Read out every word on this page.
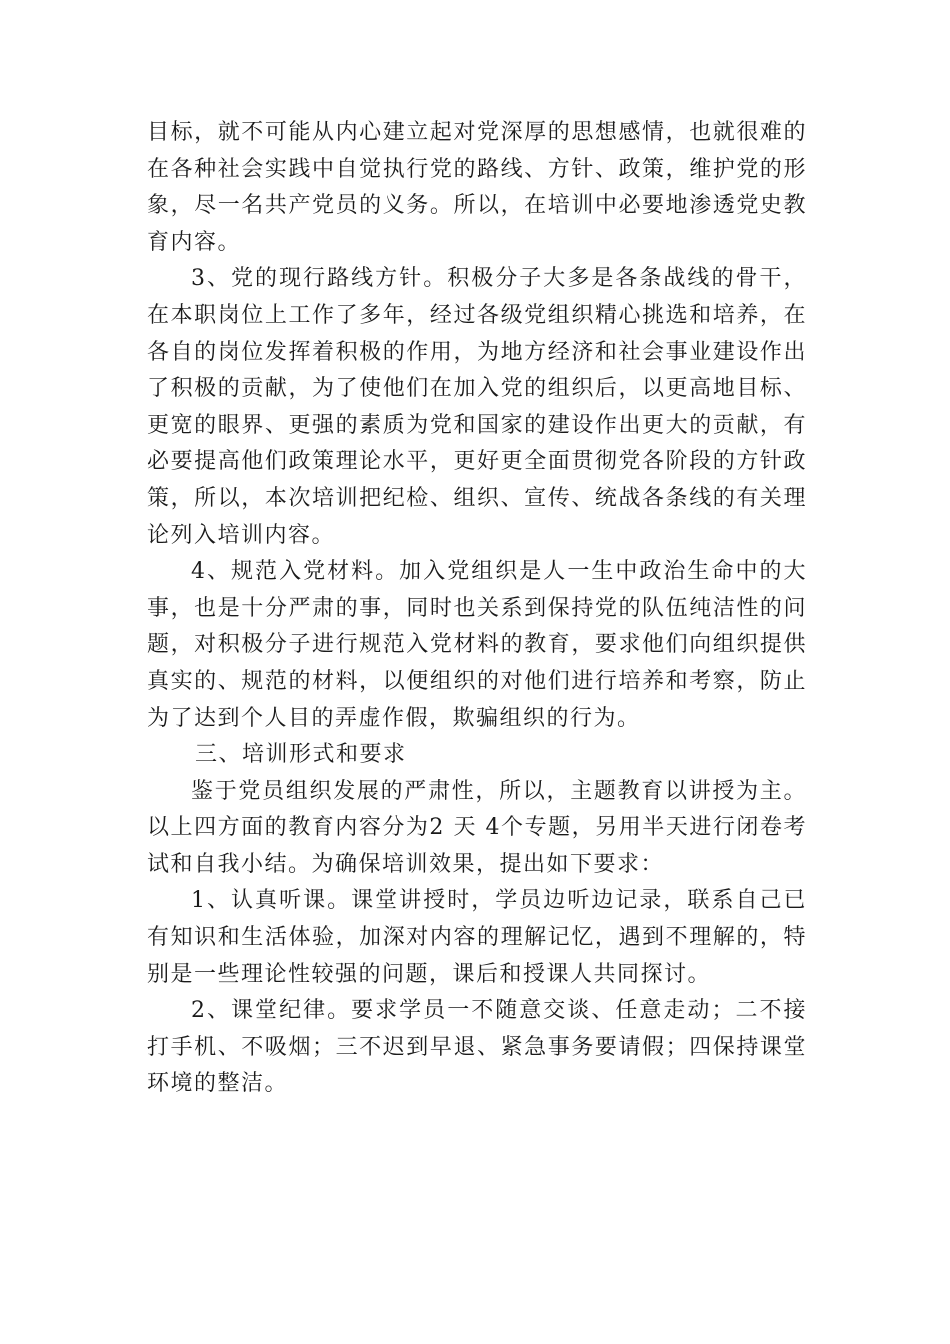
目标，就不可能从内心建立起对党深厚的思想感情，也就很难的在各种社会实践中自觉执行党的路线、方针、政策，维护党的形象，尽一名共产党员的义务。所以，在培训中必要地渗透党史教育内容。

3、党的现行路线方针。积极分子大多是各条战线的骨干，在本职岗位上工作了多年，经过各级党组织精心挑选和培养，在各自的岗位发挥着积极的作用，为地方经济和社会事业建设作出了积极的贡献，为了使他们在加入党的组织后，以更高地目标、更宽的眼界、更强的素质为党和国家的建设作出更大的贡献，有必要提高他们政策理论水平，更好更全面贯彻党各阶段的方针政策，所以，本次培训把纪检、组织、宣传、统战各条线的有关理论列入培训内容。

4、规范入党材料。加入党组织是人一生中政治生命中的大事，也是十分严肃的事，同时也关系到保持党的队伍纯洁性的问题，对积极分子进行规范入党材料的教育，要求他们向组织提供真实的、规范的材料，以便组织的对他们进行培养和考察，防止为了达到个人目的弄虚作假，欺骗组织的行为。

三、培训形式和要求

鉴于党员组织发展的严肃性，所以，主题教育以讲授为主。以上四方面的教育内容分为2 天 4个专题，另用半天进行闭卷考试和自我小结。为确保培训效果，提出如下要求：

1、认真听课。课堂讲授时，学员边听边记录，联系自己已有知识和生活体验，加深对内容的理解记忆，遇到不理解的，特别是一些理论性较强的问题，课后和授课人共同探讨。

2、课堂纪律。要求学员一不随意交谈、任意走动；二不接打手机、不吸烟；三不迟到早退、紧急事务要请假；四保持课堂环境的整洁。
